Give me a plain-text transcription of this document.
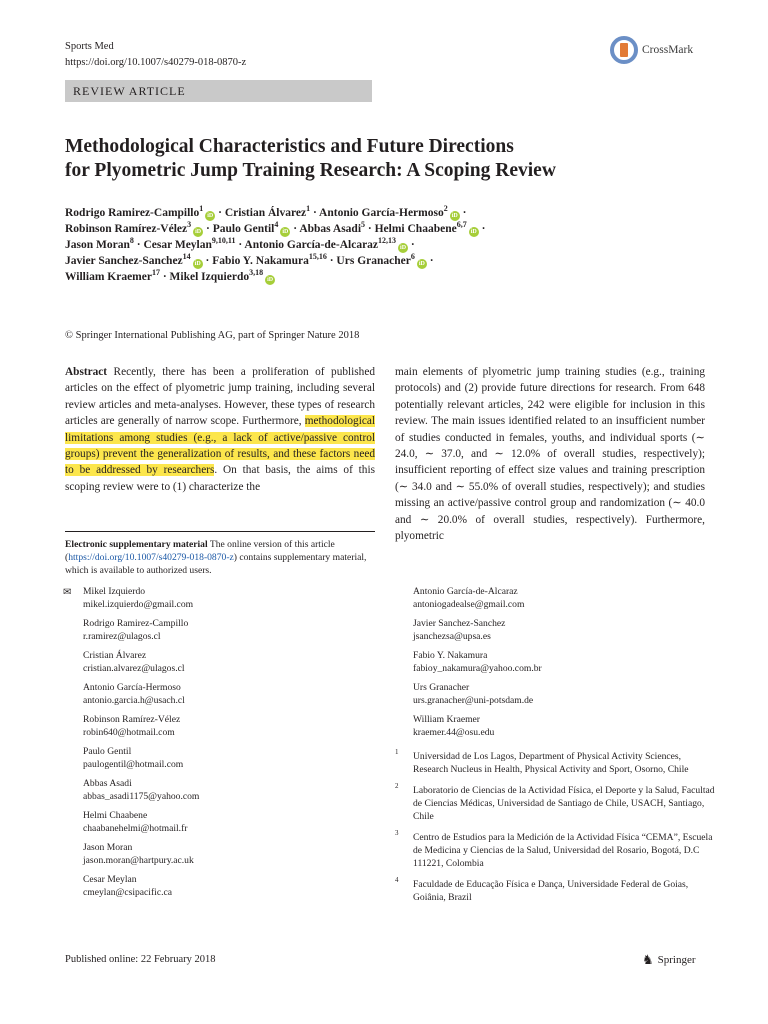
Sports Med
https://doi.org/10.1007/s40279-018-0870-z
CrossMark
REVIEW ARTICLE
Methodological Characteristics and Future Directions
for Plyometric Jump Training Research: A Scoping Review
Rodrigo Ramirez-Campillo$^1$iD · Cristian Álvarez$^1$ · Antonio García-Hermoso$^2$iD ·
Robinson Ramírez-Vélez$^3$iD · Paulo Gentil$^4$iD · Abbas Asadi$^5$ · Helmi Chaabene$^{6,7}$iD ·
Jason Moran$^8$ · Cesar Meylan$^{9,10,11}$ · Antonio García-de-Alcaraz$^{12,13}$iD ·
Javier Sanchez-Sanchez$^{14}$iD · Fabio Y. Nakamura$^{15,16}$ · Urs Granacher$^6$iD ·
William Kraemer$^{17}$ · Mikel Izquierdo$^{3,18}$iD
© Springer International Publishing AG, part of Springer Nature 2018
Abstract Recently, there has been a proliferation of published articles on the effect of plyometric jump training, including several review articles and meta-analyses. However, these types of research articles are generally of narrow scope. Furthermore, methodological limitations among studies (e.g., a lack of active/passive control groups) prevent the generalization of results, and these factors need to be addressed by researchers. On that basis, the aims of this scoping review were to (1) characterize the
main elements of plyometric jump training studies (e.g., training protocols) and (2) provide future directions for research. From 648 potentially relevant articles, 242 were eligible for inclusion in this review. The main issues identified related to an insufficient number of studies conducted in females, youths, and individual sports (∼ 24.0, ∼ 37.0, and ∼ 12.0% of overall studies, respectively); insufficient reporting of effect size values and training prescription (∼ 34.0 and ∼ 55.0% of overall studies, respectively); and studies missing an active/passive control group and randomization (∼ 40.0 and ∼ 20.0% of overall studies, respectively). Furthermore, plyometric
Electronic supplementary material The online version of this article (https://doi.org/10.1007/s40279-018-0870-z) contains supplementary material, which is available to authorized users.
✉ Mikel Izquierdo
mikel.izquierdo@gmail.com
Rodrigo Ramirez-Campillo
r.ramirez@ulagos.cl
Cristian Álvarez
cristian.alvarez@ulagos.cl
Antonio García-Hermoso
antonio.garcia.h@usach.cl
Robinson Ramírez-Vélez
robin640@hotmail.com
Paulo Gentil
paulogentil@hotmail.com
Abbas Asadi
abbas_asadi1175@yahoo.com
Helmi Chaabene
chaabanehelmi@hotmail.fr
Jason Moran
jason.moran@hartpury.ac.uk
Cesar Meylan
cmeylan@csipacific.ca
Antonio García-de-Alcaraz
antoniogadealse@gmail.com
Javier Sanchez-Sanchez
jsanchezsa@upsa.es
Fabio Y. Nakamura
fabioy_nakamura@yahoo.com.br
Urs Granacher
urs.granacher@uni-potsdam.de
William Kraemer
kraemer.44@osu.edu
1 Universidad de Los Lagos, Department of Physical Activity Sciences, Research Nucleus in Health, Physical Activity and Sport, Osorno, Chile
2 Laboratorio de Ciencias de la Actividad Física, el Deporte y la Salud, Facultad de Ciencias Médicas, Universidad de Santiago de Chile, USACH, Santiago, Chile
3 Centro de Estudios para la Medición de la Actividad Física “CEMA”, Escuela de Medicina y Ciencias de la Salud, Universidad del Rosario, Bogotá, D.C 111221, Colombia
4 Faculdade de Educação Física e Dança, Universidade Federal de Goias, Goiânia, Brazil
Published online: 22 February 2018	♞ Springer
